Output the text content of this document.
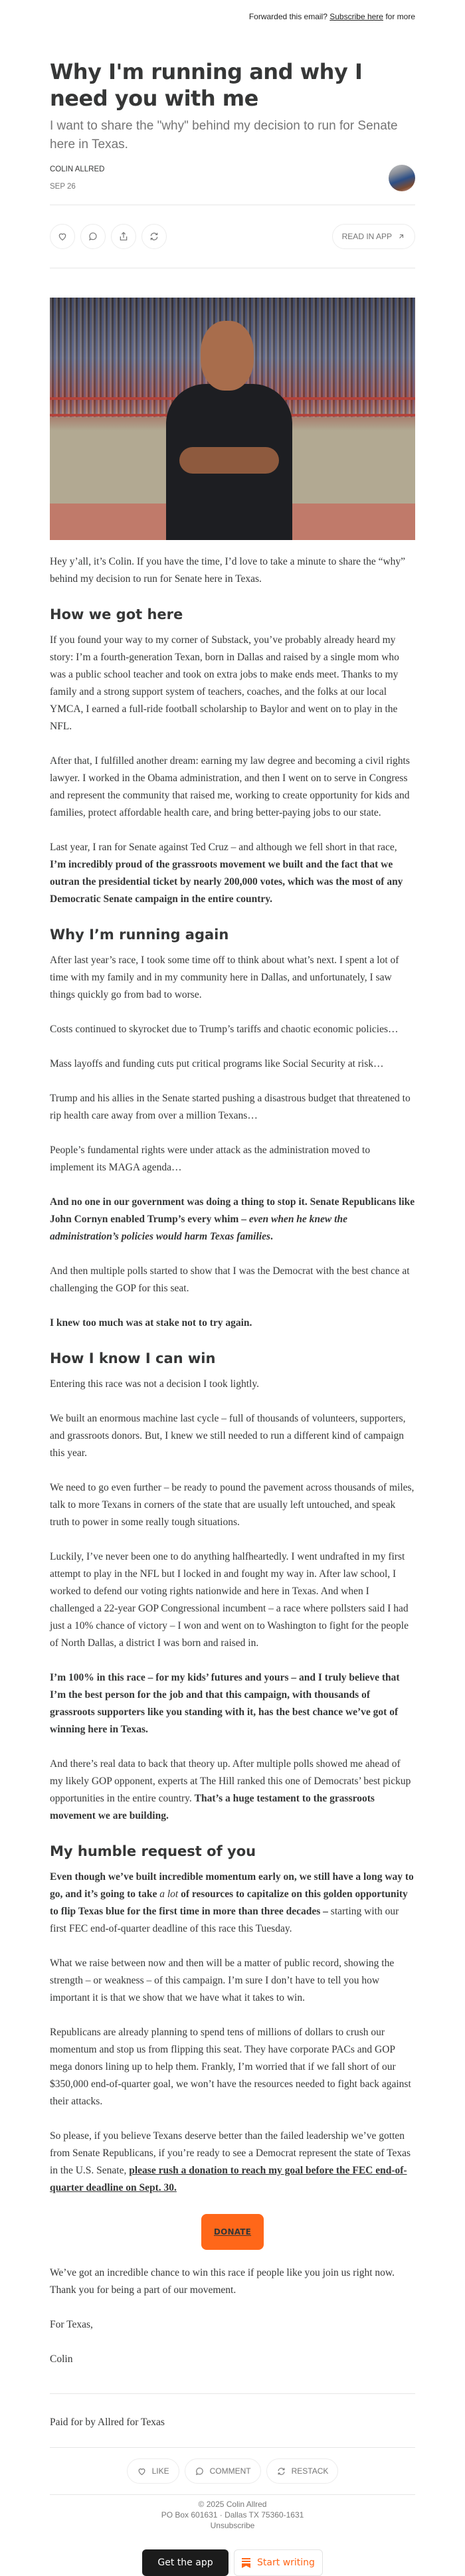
Forwarded this email? Subscribe here for more
Why I'm running and why I need you with me
I want to share the "why" behind my decision to run for Senate here in Texas.
COLIN ALLRED
SEP 26
READ IN APP

Hey y’all, it’s Colin. If you have the time, I’d love to take a minute to share the “why” behind my decision to run for Senate here in Texas.

How we got here

If you found your way to my corner of Substack, you’ve probably already heard my story: I’m a fourth-generation Texan, born in Dallas and raised by a single mom who was a public school teacher and took on extra jobs to make ends meet. Thanks to my family and a strong support system of teachers, coaches, and the folks at our local YMCA, I earned a full-ride football scholarship to Baylor and went on to play in the NFL.

After that, I fulfilled another dream: earning my law degree and becoming a civil rights lawyer. I worked in the Obama administration, and then I went on to serve in Congress and represent the community that raised me, working to create opportunity for kids and families, protect affordable health care, and bring better-paying jobs to our state.

Last year, I ran for Senate against Ted Cruz – and although we fell short in that race, I’m incredibly proud of the grassroots movement we built and the fact that we outran the presidential ticket by nearly 200,000 votes, which was the most of any Democratic Senate campaign in the entire country.

Why I’m running again

After last year’s race, I took some time off to think about what’s next. I spent a lot of time with my family and in my community here in Dallas, and unfortunately, I saw things quickly go from bad to worse.

Costs continued to skyrocket due to Trump’s tariffs and chaotic economic policies…

Mass layoffs and funding cuts put critical programs like Social Security at risk…

Trump and his allies in the Senate started pushing a disastrous budget that threatened to rip health care away from over a million Texans…

People’s fundamental rights were under attack as the administration moved to implement its MAGA agenda…

And no one in our government was doing a thing to stop it. Senate Republicans like John Cornyn enabled Trump’s every whim – even when he knew the administration’s policies would harm Texas families.

And then multiple polls started to show that I was the Democrat with the best chance at challenging the GOP for this seat.

I knew too much was at stake not to try again.

How I know I can win

Entering this race was not a decision I took lightly.

We built an enormous machine last cycle – full of thousands of volunteers, supporters, and grassroots donors. But, I knew we still needed to run a different kind of campaign this year.

We need to go even further – be ready to pound the pavement across thousands of miles, talk to more Texans in corners of the state that are usually left untouched, and speak truth to power in some really tough situations.

Luckily, I’ve never been one to do anything halfheartedly. I went undrafted in my first attempt to play in the NFL but I locked in and fought my way in. After law school, I worked to defend our voting rights nationwide and here in Texas. And when I challenged a 22-year GOP Congressional incumbent – a race where pollsters said I had just a 10% chance of victory – I won and went on to Washington to fight for the people of North Dallas, a district I was born and raised in.

I’m 100% in this race – for my kids’ futures and yours – and I truly believe that I’m the best person for the job and that this campaign, with thousands of grassroots supporters like you standing with it, has the best chance we’ve got of winning here in Texas.

And there’s real data to back that theory up. After multiple polls showed me ahead of my likely GOP opponent, experts at The Hill ranked this one of Democrats’ best pickup opportunities in the entire country. That’s a huge testament to the grassroots movement we are building.

My humble request of you

Even though we’ve built incredible momentum early on, we still have a long way to go, and it’s going to take a lot of resources to capitalize on this golden opportunity to flip Texas blue for the first time in more than three decades – starting with our first FEC end-of-quarter deadline of this race this Tuesday.

What we raise between now and then will be a matter of public record, showing the strength – or weakness – of this campaign. I’m sure I don’t have to tell you how important it is that we show that we have what it takes to win.

Republicans are already planning to spend tens of millions of dollars to crush our momentum and stop us from flipping this seat. They have corporate PACs and GOP mega donors lining up to help them. Frankly, I’m worried that if we fall short of our $350,000 end-of-quarter goal, we won’t have the resources needed to fight back against their attacks.

So please, if you believe Texans deserve better than the failed leadership we’ve gotten from Senate Republicans, if you’re ready to see a Democrat represent the state of Texas in the U.S. Senate, please rush a donation to reach my goal before the FEC end-of-quarter deadline on Sept. 30.

DONATE

We’ve got an incredible chance to win this race if people like you join us right now. Thank you for being a part of our movement.

For Texas,

Colin

Paid for by Allred for Texas
LIKE	COMMENT	RESTACK
© 2025 Colin Allred
PO Box 601631 · Dallas TX 75360-1631
Unsubscribe
Get the app	Start writing
